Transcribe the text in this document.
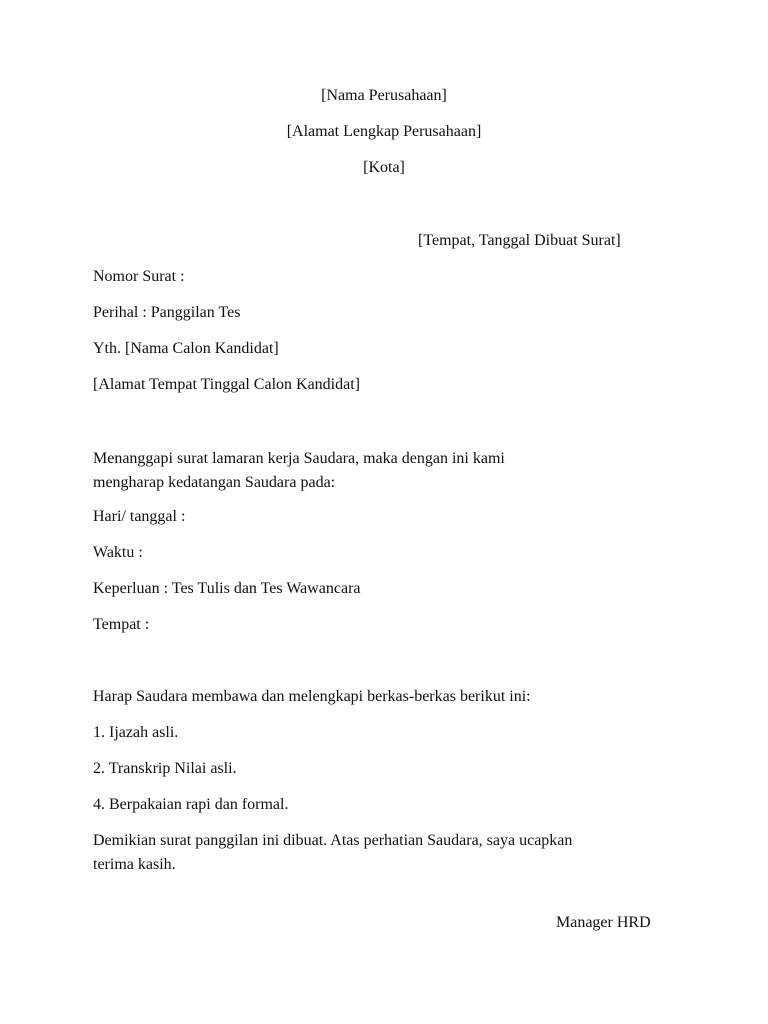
[Nama Perusahaan]
[Alamat Lengkap Perusahaan]
[Kota]
[Tempat, Tanggal Dibuat Surat]
Nomor Surat :
Perihal : Panggilan Tes
Yth. [Nama Calon Kandidat]
[Alamat Tempat Tinggal Calon Kandidat]
Menanggapi surat lamaran kerja Saudara, maka dengan ini kami
mengharap kedatangan Saudara pada:
Hari/ tanggal :
Waktu :
Keperluan : Tes Tulis dan Tes Wawancara
Tempat :
Harap Saudara membawa dan melengkapi berkas-berkas berikut ini:
1. Ijazah asli.
2. Transkrip Nilai asli.
4. Berpakaian rapi dan formal.
Demikian surat panggilan ini dibuat. Atas perhatian Saudara, saya ucapkan
terima kasih.
Manager HRD
